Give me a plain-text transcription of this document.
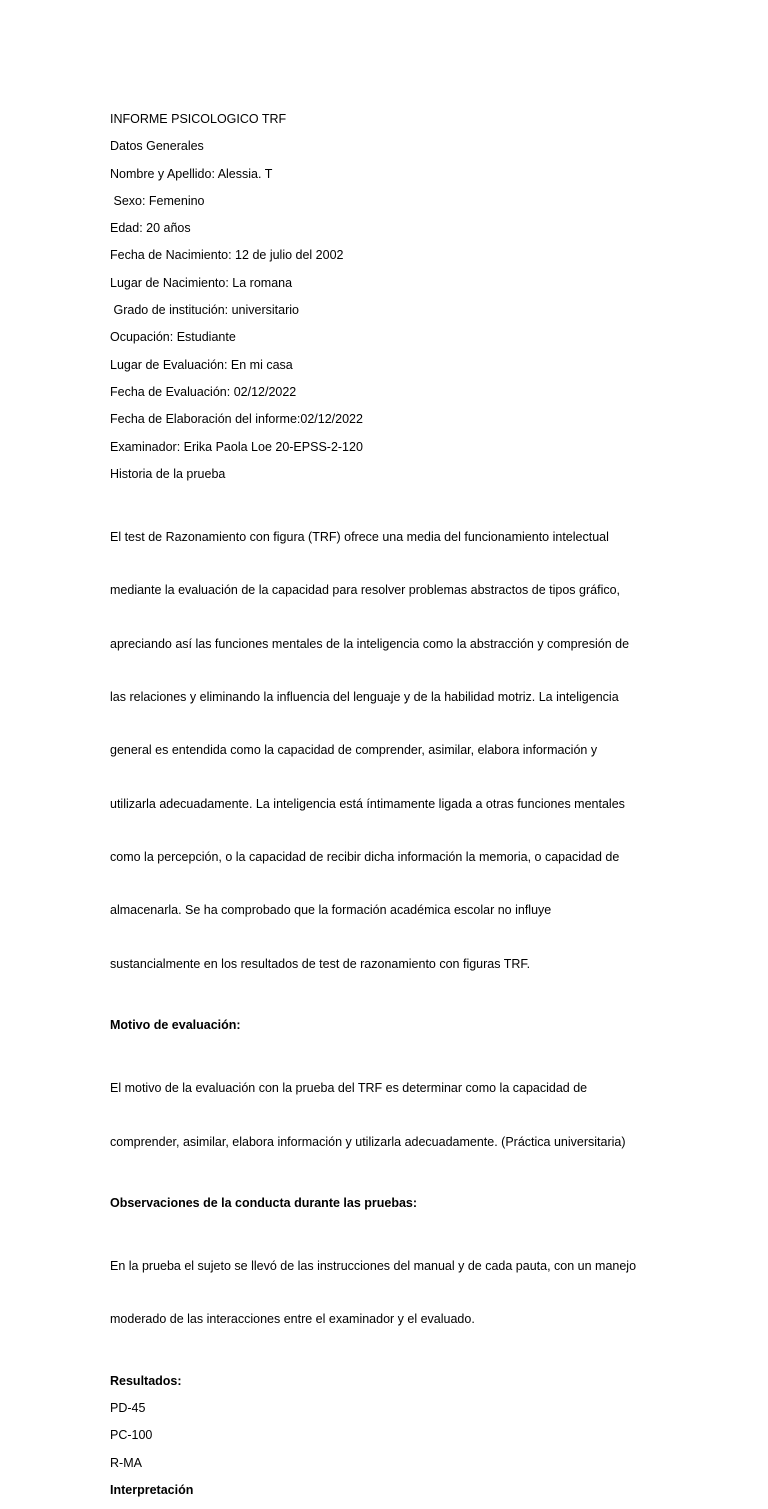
INFORME PSICOLOGICO TRF

Datos Generales

Nombre y Apellido: Alessia. T

Sexo: Femenino

Edad: 20 años

Fecha de Nacimiento: 12 de julio del 2002

Lugar de Nacimiento: La romana

Grado de institución: universitario

Ocupación: Estudiante

Lugar de Evaluación: En mi casa

Fecha de Evaluación: 02/12/2022

Fecha de Elaboración del informe:02/12/2022

Examinador: Erika Paola Loe 20-EPSS-2-120

Historia de la prueba

El test de Razonamiento con figura (TRF) ofrece una media del funcionamiento intelectual

mediante la evaluación de la capacidad para resolver problemas abstractos de tipos gráfico,

apreciando así las funciones mentales de la inteligencia como la abstracción y compresión de

las relaciones y eliminando la influencia del lenguaje y de la habilidad motriz. La inteligencia

general es entendida como la capacidad de comprender, asimilar, elabora información y

utilizarla adecuadamente. La inteligencia está íntimamente ligada a otras funciones mentales

como la percepción, o la capacidad de recibir dicha información la memoria, o capacidad de

almacenarla. Se ha comprobado que la formación académica escolar no influye

sustancialmente en los resultados de test de razonamiento con figuras TRF.

Motivo de evaluación:

El motivo de la evaluación con la prueba del TRF es determinar como la capacidad de

comprender, asimilar, elabora información y utilizarla adecuadamente. (Práctica universitaria)

Observaciones de la conducta durante las pruebas:

En la prueba el sujeto se llevó de las instrucciones del manual y de cada pauta, con un manejo

moderado de las interacciones entre el examinador y el evaluado.

Resultados:

PD-45

PC-100

R-MA

Interpretación
